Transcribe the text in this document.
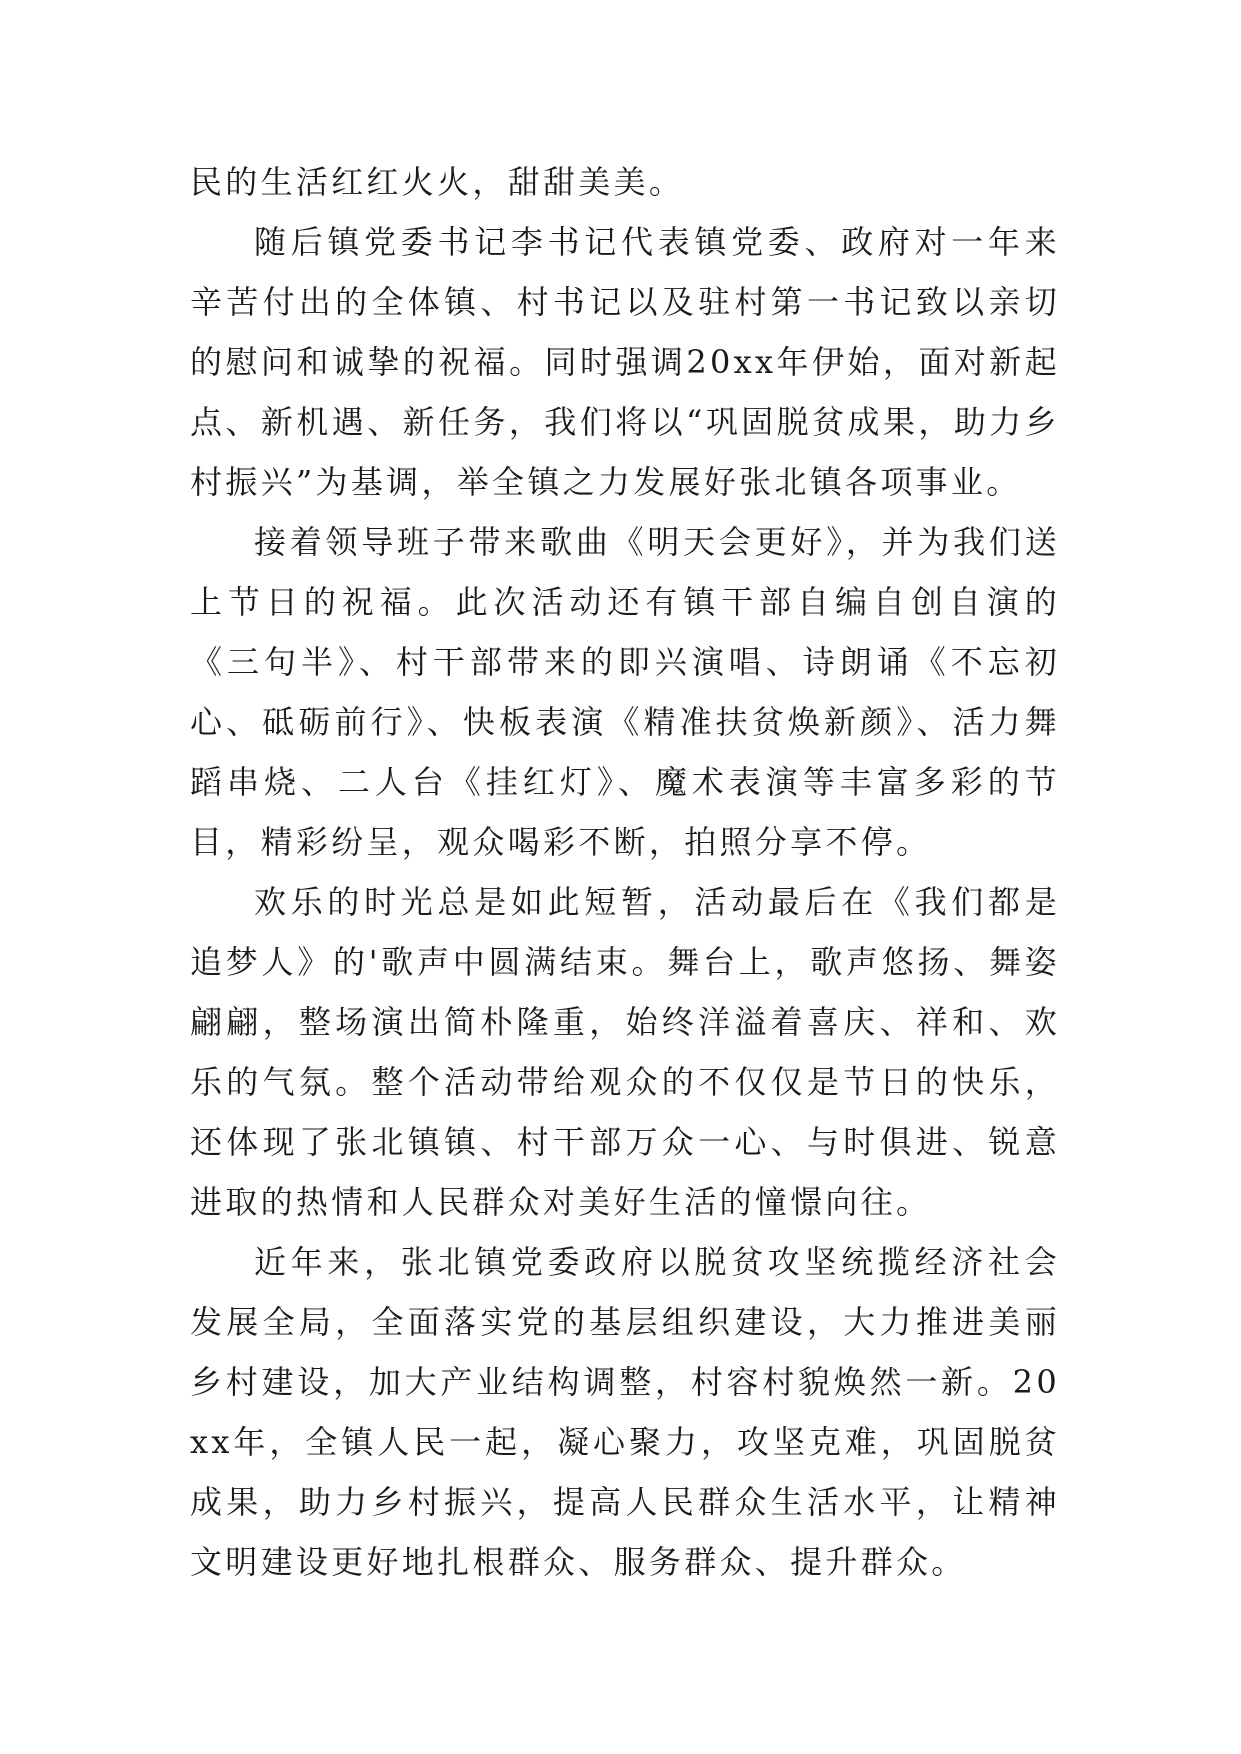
民的生活红红火火，甜甜美美。

随后镇党委书记李书记代表镇党委、政府对一年来辛苦付出的全体镇、村书记以及驻村第一书记致以亲切的慰问和诚挚的祝福。同时强调20xx年伊始，面对新起点、新机遇、新任务，我们将以“巩固脱贫成果，助力乡村振兴”为基调，举全镇之力发展好张北镇各项事业。

接着领导班子带来歌曲《明天会更好》，并为我们送上节日的祝福。此次活动还有镇干部自编自创自演的《三句半》、村干部带来的即兴演唱、诗朗诵《不忘初心、砥砺前行》、快板表演《精准扶贫焕新颜》、活力舞蹈串烧、二人台《挂红灯》、魔术表演等丰富多彩的节目，精彩纷呈，观众喝彩不断，拍照分享不停。

欢乐的时光总是如此短暂，活动最后在《我们都是追梦人》的'歌声中圆满结束。舞台上，歌声悠扬、舞姿翩翩，整场演出简朴隆重，始终洋溢着喜庆、祥和、欢乐的气氛。整个活动带给观众的不仅仅是节日的快乐，还体现了张北镇镇、村干部万众一心、与时俱进、锐意进取的热情和人民群众对美好生活的憧憬向往。

近年来，张北镇党委政府以脱贫攻坚统揽经济社会发展全局，全面落实党的基层组织建设，大力推进美丽乡村建设，加大产业结构调整，村容村貌焕然一新。20xx年，全镇人民一起，凝心聚力，攻坚克难，巩固脱贫成果，助力乡村振兴，提高人民群众生活水平，让精神文明建设更好地扎根群众、服务群众、提升群众。
